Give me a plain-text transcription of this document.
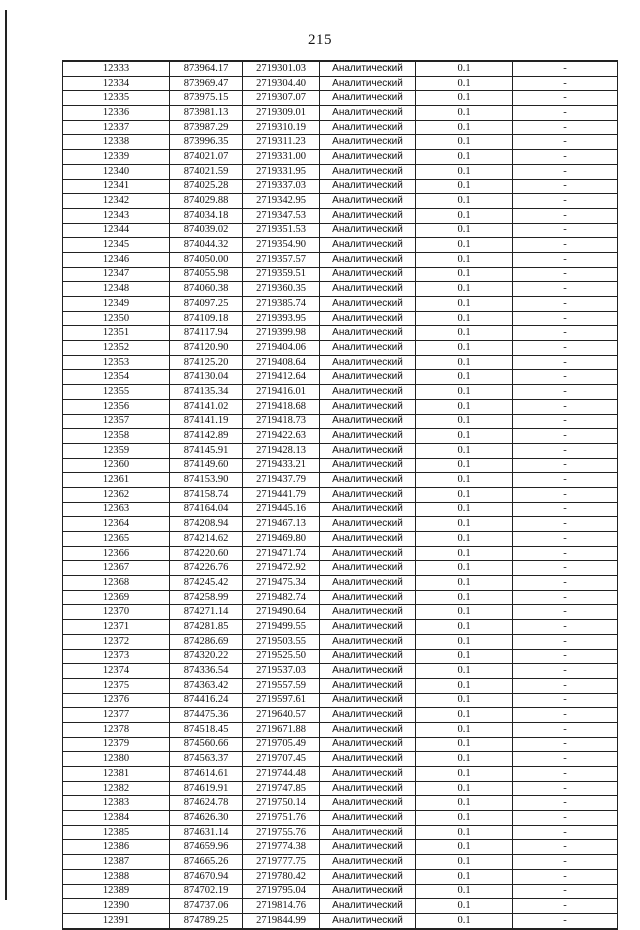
215
12333	873964.17	2719301.03	Аналитический	0.1	-
12334	873969.47	2719304.40	Аналитический	0.1	-
12335	873975.15	2719307.07	Аналитический	0.1	-
12336	873981.13	2719309.01	Аналитический	0.1	-
12337	873987.29	2719310.19	Аналитический	0.1	-
12338	873996.35	2719311.23	Аналитический	0.1	-
12339	874021.07	2719331.00	Аналитический	0.1	-
12340	874021.59	2719331.95	Аналитический	0.1	-
12341	874025.28	2719337.03	Аналитический	0.1	-
12342	874029.88	2719342.95	Аналитический	0.1	-
12343	874034.18	2719347.53	Аналитический	0.1	-
12344	874039.02	2719351.53	Аналитический	0.1	-
12345	874044.32	2719354.90	Аналитический	0.1	-
12346	874050.00	2719357.57	Аналитический	0.1	-
12347	874055.98	2719359.51	Аналитический	0.1	-
12348	874060.38	2719360.35	Аналитический	0.1	-
12349	874097.25	2719385.74	Аналитический	0.1	-
12350	874109.18	2719393.95	Аналитический	0.1	-
12351	874117.94	2719399.98	Аналитический	0.1	-
12352	874120.90	2719404.06	Аналитический	0.1	-
12353	874125.20	2719408.64	Аналитический	0.1	-
12354	874130.04	2719412.64	Аналитический	0.1	-
12355	874135.34	2719416.01	Аналитический	0.1	-
12356	874141.02	2719418.68	Аналитический	0.1	-
12357	874141.19	2719418.73	Аналитический	0.1	-
12358	874142.89	2719422.63	Аналитический	0.1	-
12359	874145.91	2719428.13	Аналитический	0.1	-
12360	874149.60	2719433.21	Аналитический	0.1	-
12361	874153.90	2719437.79	Аналитический	0.1	-
12362	874158.74	2719441.79	Аналитический	0.1	-
12363	874164.04	2719445.16	Аналитический	0.1	-
12364	874208.94	2719467.13	Аналитический	0.1	-
12365	874214.62	2719469.80	Аналитический	0.1	-
12366	874220.60	2719471.74	Аналитический	0.1	-
12367	874226.76	2719472.92	Аналитический	0.1	-
12368	874245.42	2719475.34	Аналитический	0.1	-
12369	874258.99	2719482.74	Аналитический	0.1	-
12370	874271.14	2719490.64	Аналитический	0.1	-
12371	874281.85	2719499.55	Аналитический	0.1	-
12372	874286.69	2719503.55	Аналитический	0.1	-
12373	874320.22	2719525.50	Аналитический	0.1	-
12374	874336.54	2719537.03	Аналитический	0.1	-
12375	874363.42	2719557.59	Аналитический	0.1	-
12376	874416.24	2719597.61	Аналитический	0.1	-
12377	874475.36	2719640.57	Аналитический	0.1	-
12378	874518.45	2719671.88	Аналитический	0.1	-
12379	874560.66	2719705.49	Аналитический	0.1	-
12380	874563.37	2719707.45	Аналитический	0.1	-
12381	874614.61	2719744.48	Аналитический	0.1	-
12382	874619.91	2719747.85	Аналитический	0.1	-
12383	874624.78	2719750.14	Аналитический	0.1	-
12384	874626.30	2719751.76	Аналитический	0.1	-
12385	874631.14	2719755.76	Аналитический	0.1	-
12386	874659.96	2719774.38	Аналитический	0.1	-
12387	874665.26	2719777.75	Аналитический	0.1	-
12388	874670.94	2719780.42	Аналитический	0.1	-
12389	874702.19	2719795.04	Аналитический	0.1	-
12390	874737.06	2719814.76	Аналитический	0.1	-
12391	874789.25	2719844.99	Аналитический	0.1	-
